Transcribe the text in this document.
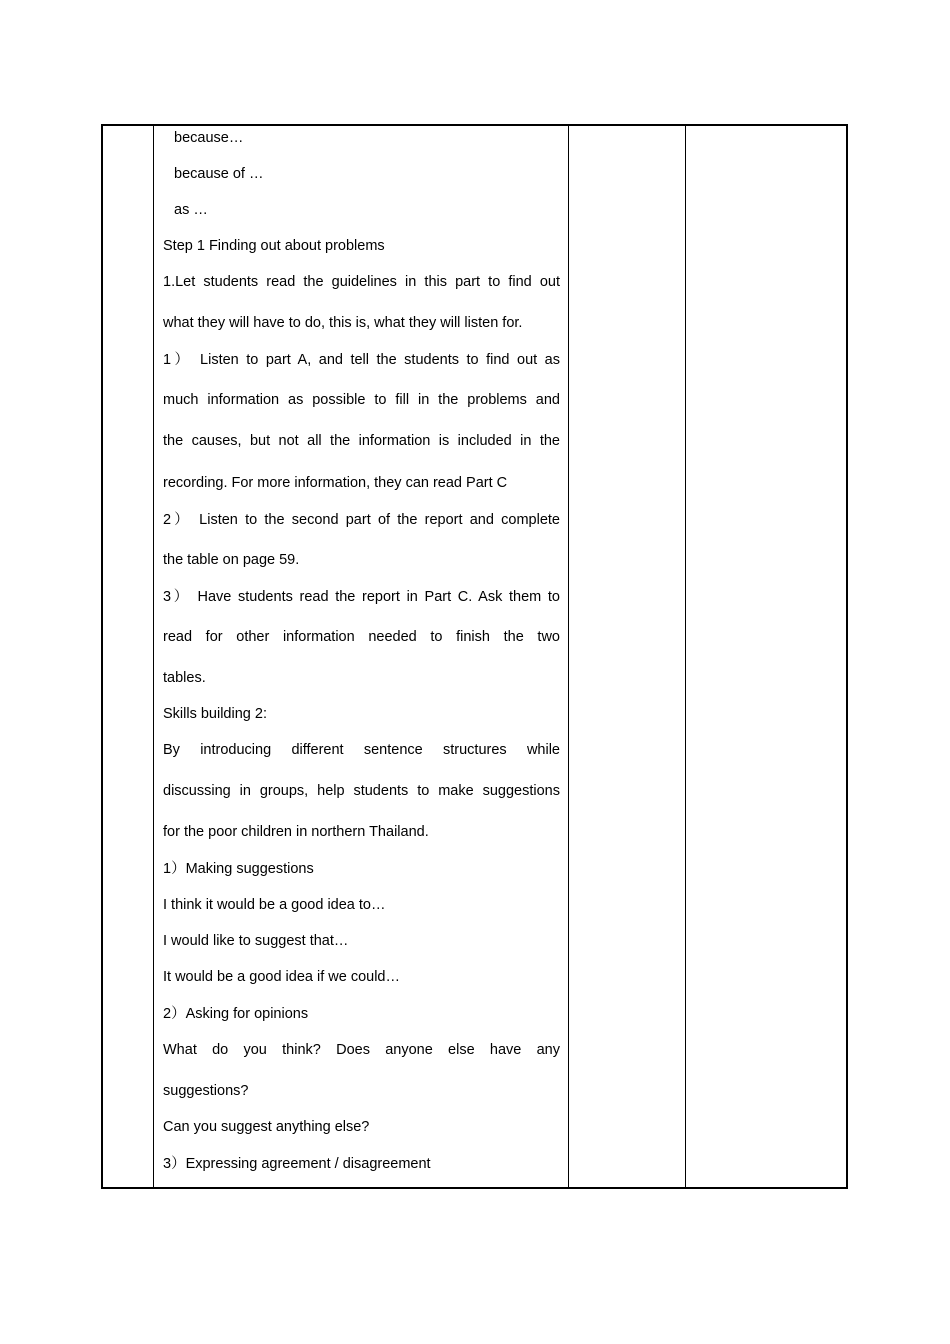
because…
because of …
as …
Step 1 Finding out about problems
1.Let students read the guidelines in this part to find out
what they will have to do, this is, what they will listen for.
1） Listen to part A, and tell the students to find out as
much information as possible to fill in the problems and
the causes, but not all the information is included in the
recording. For more information, they can read Part C
2） Listen to the second part of the report and complete
the table on page 59.
3） Have students read the report in Part C. Ask them to
read for other information needed to finish the two
tables.
Skills building 2:
By introducing different sentence structures while
discussing in groups, help students to make suggestions
for the poor children in northern Thailand.
1）Making suggestions
I think it would be a good idea to…
I would like to suggest that…
It would be a good idea if we could…
2）Asking for opinions
What do you think? Does anyone else have any
suggestions?
Can you suggest anything else?
3）Expressing agreement / disagreement
